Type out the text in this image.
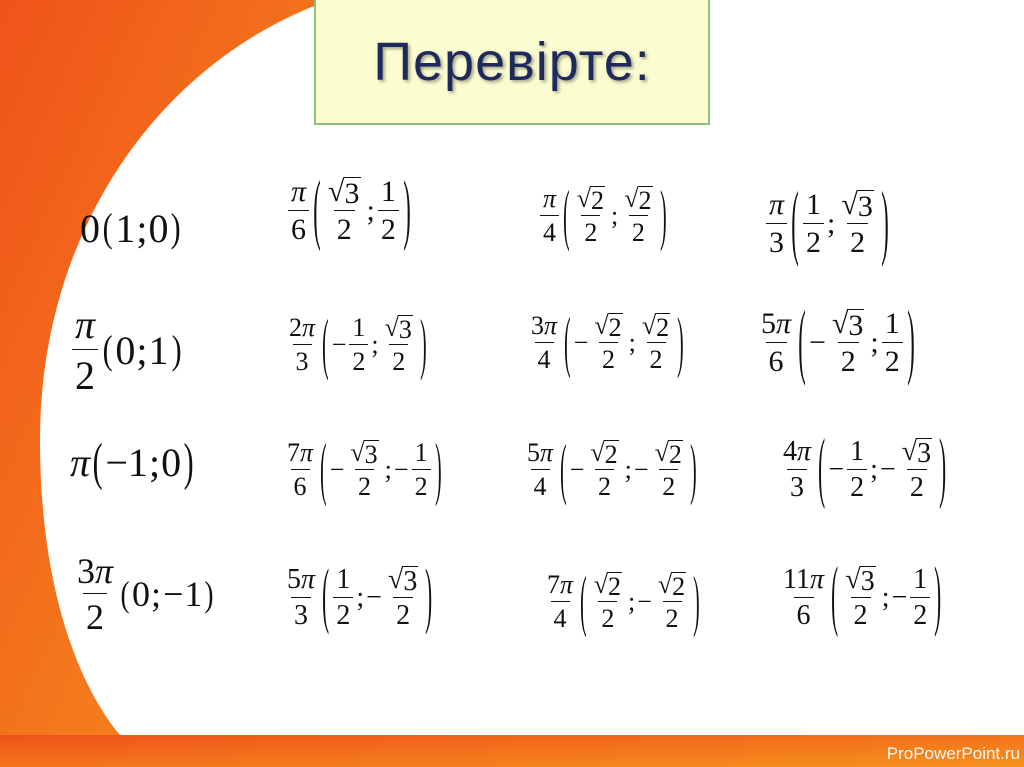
Перевірте:
ProPowerPoint.ru
0 ( 1 ; 0 )	$\frac{\pi}{6}$ ( $\frac{√ 3}{2}$ ; $\frac{1}{2}$ )	$\frac{\pi}{4}$ ( $\frac{√ 2}{2}$ ; $\frac{√ 2}{2}$ )	$\frac{\pi}{3}$ ( $\frac{1}{2}$ ; $\frac{√ 3}{2}$ )
$\frac{\pi}{2}$ ( 0 ; 1 )	$\frac{2\pi}{3}$ ( − $\frac{1}{2}$ ; $\frac{√ 3}{2}$ )	$\frac{3\pi}{4}$ ( − $\frac{√ 2}{2}$ ; $\frac{√ 2}{2}$ ) $\frac{5\pi}{6}$ ( − $\frac{√ 3}{2}$ ; $\frac{1}{2}$ )
π ( −1 ; 0 )	$\frac{7\pi}{6}$ ( − $\frac{√ 3}{2}$ ; − $\frac{1}{2}$ )	$\frac{5\pi}{4}$ ( − $\frac{√ 2}{2}$ ; − $\frac{√ 2}{2}$ )	$\frac{4\pi}{3}$ ( − $\frac{1}{2}$ ; − $\frac{√ 3}{2}$ )
$\frac{3\pi}{2}$ ( 0 ; − 1 )	$\frac{5\pi}{3}$ ( $\frac{1}{2}$ ; − $\frac{√ 3}{2}$ )	$\frac{7\pi}{4}$ ( $\frac{√ 2}{2}$ ; − $\frac{√ 2}{2}$ )	$\frac{11\pi}{6}$ ( $\frac{√ 3}{2}$ ; − $\frac{1}{2}$ )
